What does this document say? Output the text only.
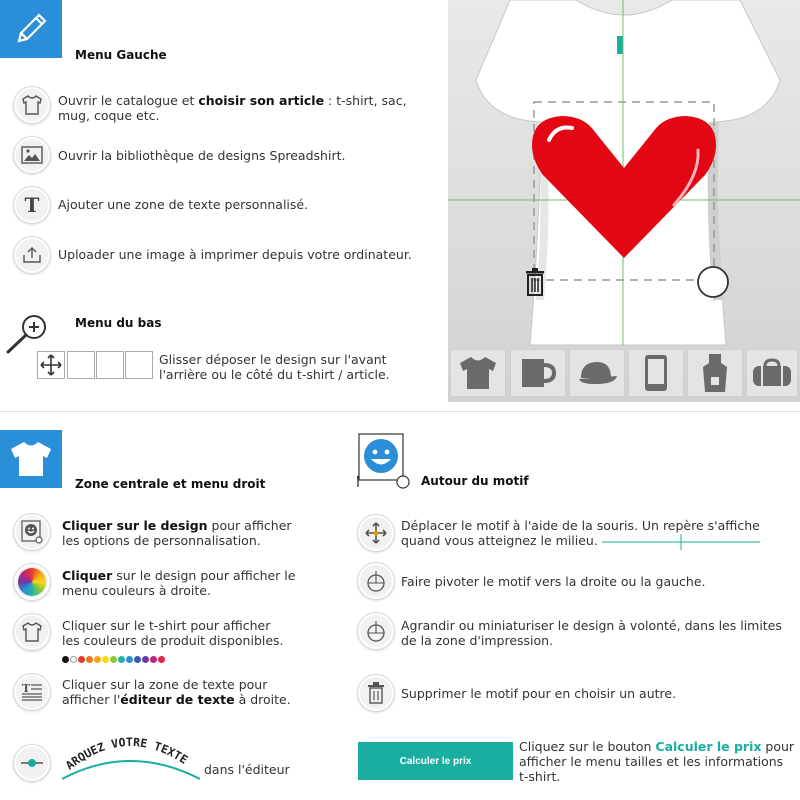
Menu Gauche
Ouvrir le catalogue et choisir son article : t-shirt, sac,
mug, coque etc.
Ouvrir la bibliothèque de designs Spreadshirt.
T Ajouter une zone de texte personnalisé.
Uploader une image à imprimer depuis votre ordinateur.
Menu du bas
Glisser déposer le design sur l'avant
l'arrière ou le côté du t-shirt / article.
Zone centrale et menu droit
Cliquer sur le design pour afficher
les options de personnalisation.
Cliquer sur le design pour afficher le
menu couleurs à droite.
Cliquer sur le t-shirt pour afficher
les couleurs de produit disponibles.
T	Cliquer sur la zone de texte pour
afficher l'éditeur de texte à droite.
ARQUEZ VOTRE TEXTE
dans l'éditeur
Autour du motif
Déplacer le motif à l'aide de la souris. Un repère s'affiche
quand vous atteignez le milieu.
Faire pivoter le motif vers la droite ou la gauche.
Agrandir ou miniaturiser le design à volonté, dans les limites
de la zone d'impression.
Supprimer le motif pour en choisir un autre.
Calculer le prix
Cliquez sur le bouton Calculer le prix pour
afficher le menu tailles et les informations
t-shirt.
